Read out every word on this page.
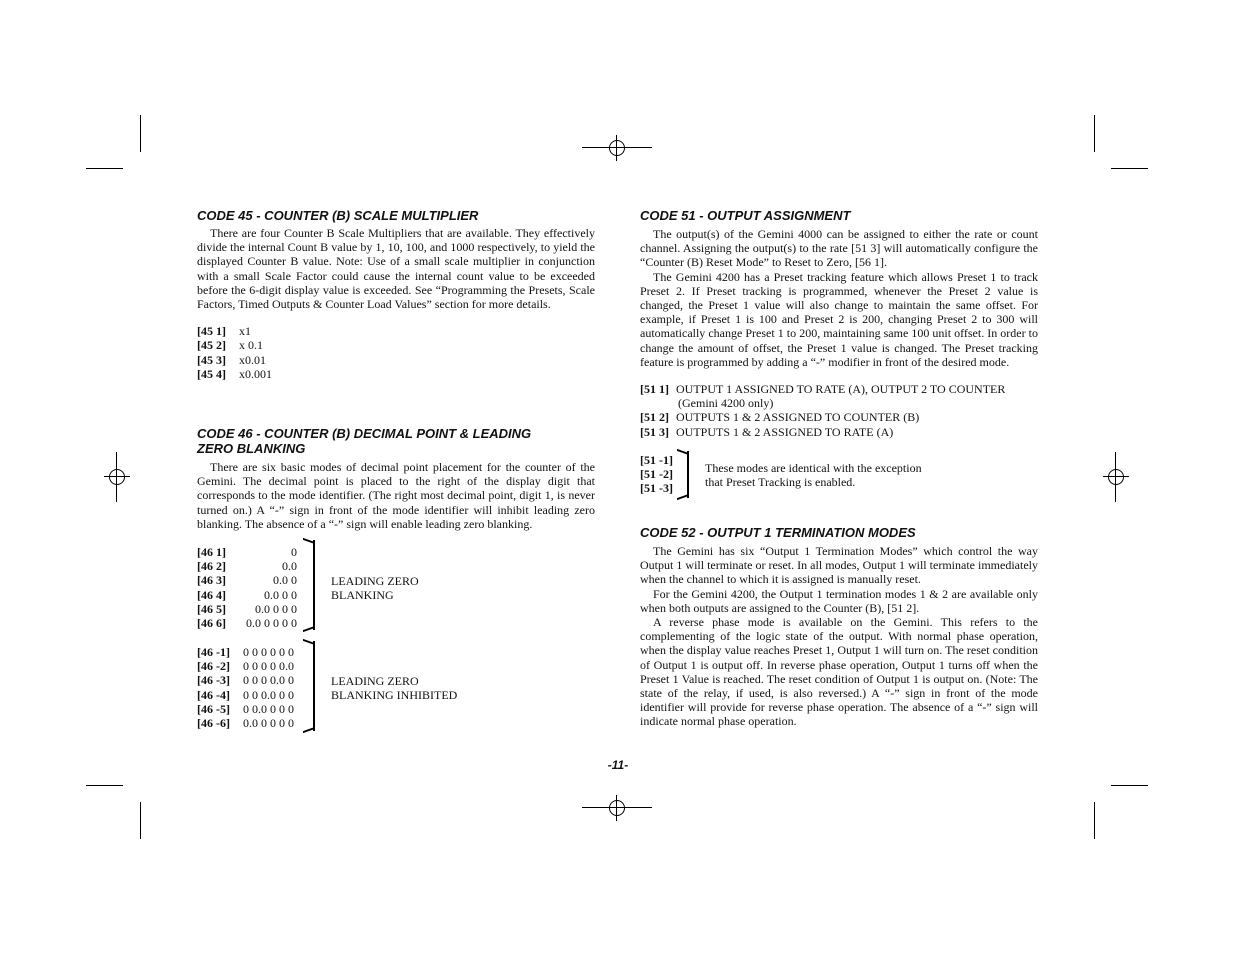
CODE 45 - COUNTER (B) SCALE MULTIPLIER

There are four Counter B Scale Multipliers that are available. They effectively divide the internal Count B value by 1, 10, 100, and 1000 respectively, to yield the displayed Counter B value. Note: Use of a small scale multiplier in conjunction with a small Scale Factor could cause the internal count value to be exceeded before the 6-digit display value is exceeded. See “Programming the Presets, Scale Factors, Timed Outputs & Counter Load Values” section for more details.

[45 1]	x1
[45 2]	x 0.1
[45 3]	x0.01
[45 4]	x0.001
CODE 46 - COUNTER (B) DECIMAL POINT & LEADING
ZERO BLANKING

There are six basic modes of decimal point placement for the counter of the Gemini. The decimal point is placed to the right of the display digit that corresponds to the mode identifier. (The right most decimal point, digit 1, is never turned on.) A “-” sign in front of the mode identifier will inhibit leading zero blanking. The absence of a “-” sign will enable leading zero blanking.

[46 1]	0
[46 2]	0.0
[46 3]	0.0 0
[46 4]	0.0 0 0
[46 5]	0.0 0 0 0
[46 6]	0.0 0 0 0 0
LEADING ZERO
BLANKING
[46 -1]	0 0 0 0 0 0
[46 -2]	0 0 0 0 0.0
[46 -3]	0 0 0 0.0 0
[46 -4]	0 0 0.0 0 0
[46 -5]	0 0.0 0 0 0
[46 -6]	0.0 0 0 0 0
LEADING ZERO
BLANKING INHIBITED
CODE 51 - OUTPUT ASSIGNMENT

The output(s) of the Gemini 4000 can be assigned to either the rate or count channel. Assigning the output(s) to the rate [51 3] will automatically configure the “Counter (B) Reset Mode” to Reset to Zero, [56 1].

The Gemini 4200 has a Preset tracking feature which allows Preset 1 to track Preset 2. If Preset tracking is programmed, whenever the Preset 2 value is changed, the Preset 1 value will also change to maintain the same offset. For example, if Preset 1 is 100 and Preset 2 is 200, changing Preset 2 to 300 will automatically change Preset 1 to 200, maintaining same 100 unit offset. In order to change the amount of offset, the Preset 1 value is changed. The Preset tracking feature is programmed by adding a “-” modifier in front of the desired mode.

[51 1] OUTPUT 1 ASSIGNED TO RATE (A), OUTPUT 2 TO COUNTER
(Gemini 4200 only)
[51 2] OUTPUTS 1 & 2 ASSIGNED TO COUNTER (B)
[51 3] OUTPUTS 1 & 2 ASSIGNED TO RATE (A)
[51 -1]
[51 -2]
[51 -3]
These modes are identical with the exception
that Preset Tracking is enabled.
CODE 52 - OUTPUT 1 TERMINATION MODES

The Gemini has six “Output 1 Termination Modes” which control the way Output 1 will terminate or reset. In all modes, Output 1 will terminate immediately when the channel to which it is assigned is manually reset.

For the Gemini 4200, the Output 1 termination modes 1 & 2 are available only when both outputs are assigned to the Counter (B), [51 2].

A reverse phase mode is available on the Gemini. This refers to the complementing of the logic state of the output. With normal phase operation, when the display value reaches Preset 1, Output 1 will turn on. The reset condition of Output 1 is output off. In reverse phase operation, Output 1 turns off when the Preset 1 Value is reached. The reset condition of Output 1 is output on. (Note: The state of the relay, if used, is also reversed.) A “-” sign in front of the mode identifier will provide for reverse phase operation. The absence of a “-” sign will indicate normal phase operation.

-11-
